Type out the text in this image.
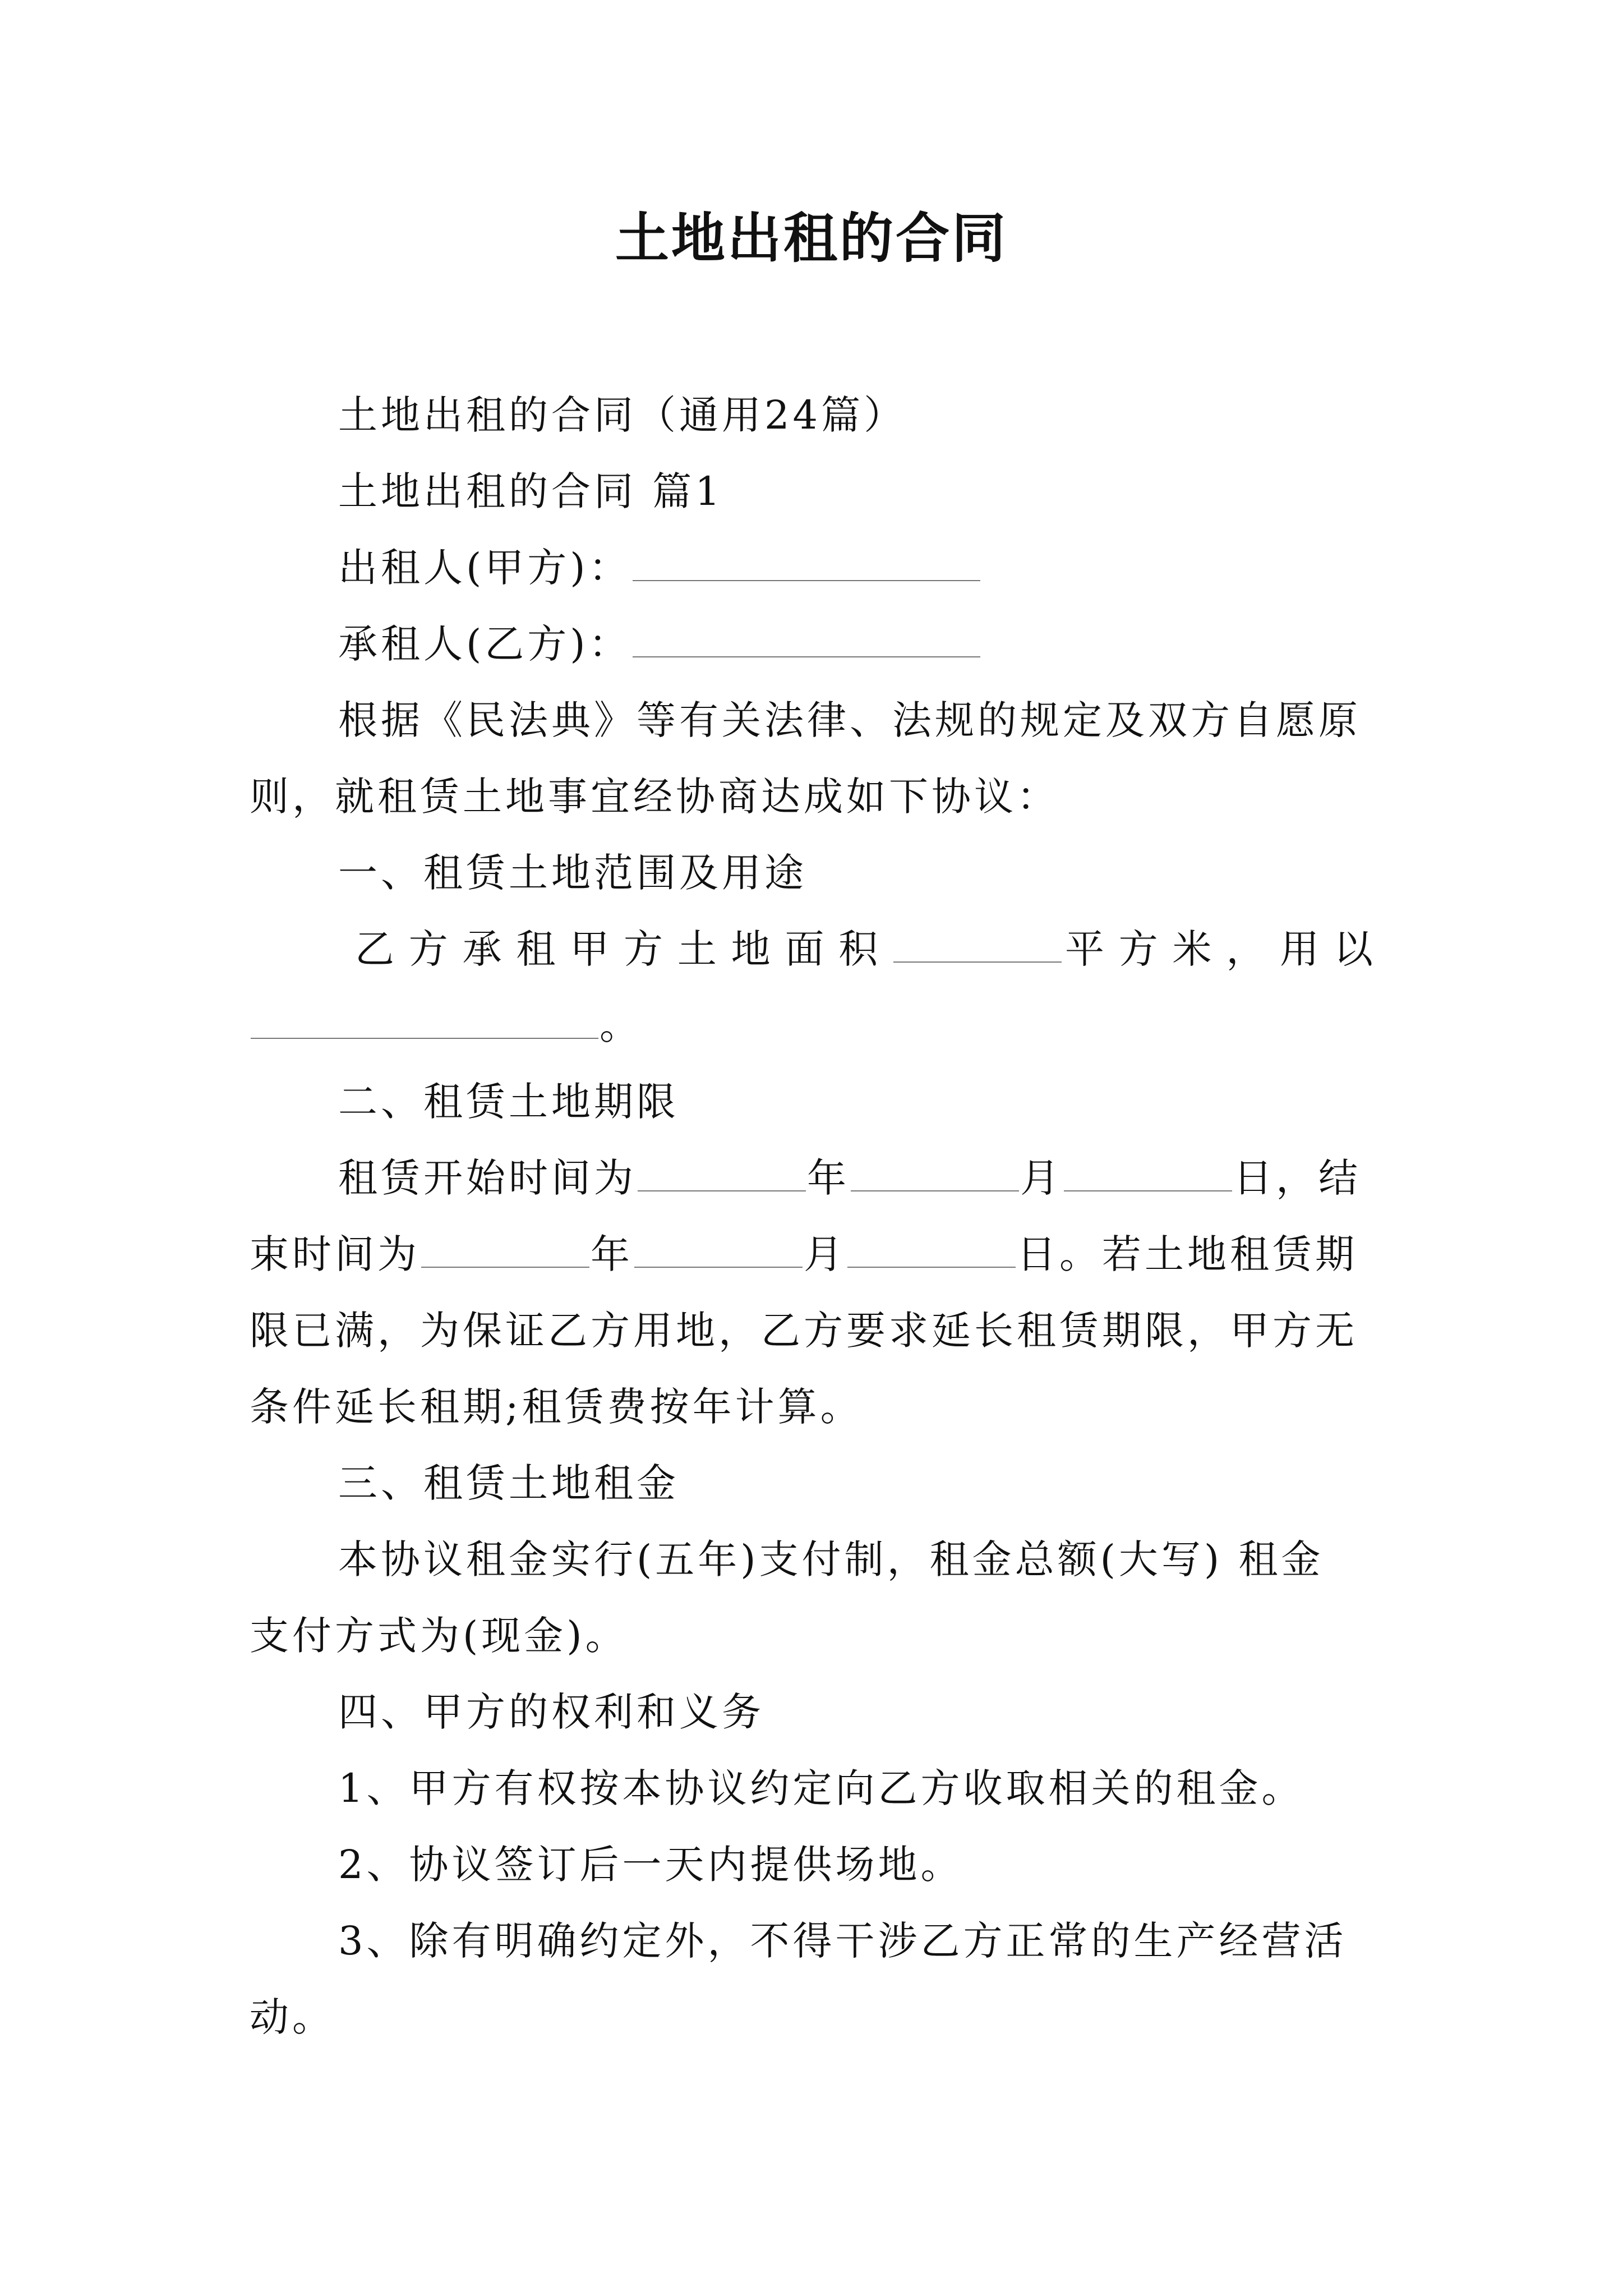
土地出租的合同
土地出租的合同（通用24篇）
土地出租的合同 篇1
出租人(甲方)：
承租人(乙方)：
根据《民法典》等有关法律、法规的规定及双方自愿原
则，就租赁土地事宜经协商达成如下协议：
一、租赁土地范围及用途
乙方承租甲方土地面积	平方米，用以
。
二、租赁土地期限
租赁开始时间为	年	月	日，结
束时间为	年	月	日。若土地租赁期
限已满，为保证乙方用地，乙方要求延长租赁期限，甲方无
条件延长租期;租赁费按年计算。
三、租赁土地租金
本协议租金实行(五年)支付制，租金总额(大写) 租金
支付方式为(现金)。
四、甲方的权利和义务
1、甲方有权按本协议约定向乙方收取相关的租金。
2、协议签订后一天内提供场地。
3、除有明确约定外，不得干涉乙方正常的生产经营活
动。
